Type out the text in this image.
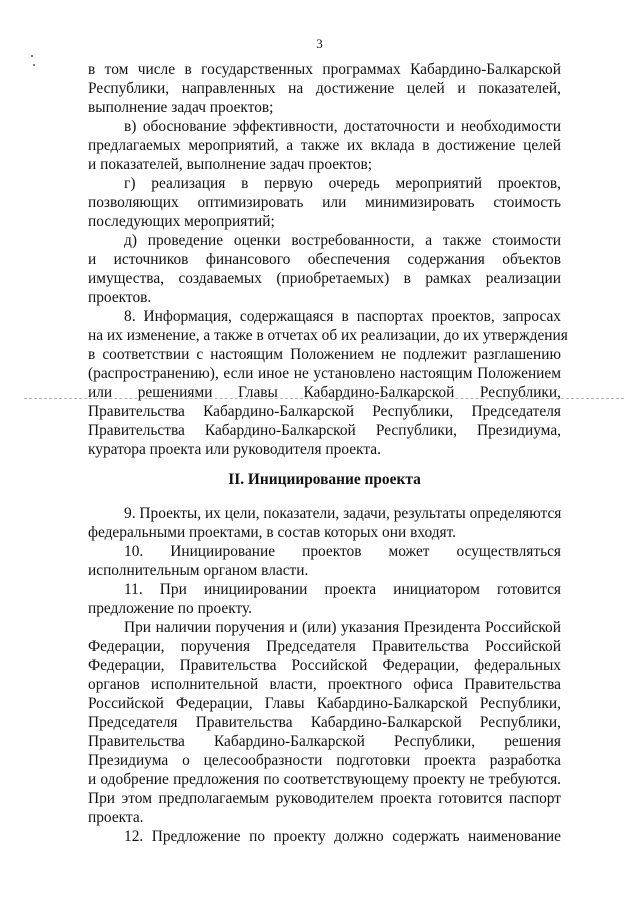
3
в том числе в государственных программах Кабардино-Балкарской
Республики, направленных на достижение целей и показателей,
выполнение задач проектов;
в) обоснование эффективности, достаточности и необходимости
предлагаемых мероприятий, а также их вклада в достижение целей
и показателей, выполнение задач проектов;
г) реализация в первую очередь мероприятий проектов,
позволяющих оптимизировать или минимизировать стоимость
последующих мероприятий;
д) проведение оценки востребованности, а также стоимости
и источников финансового обеспечения содержания объектов
имущества, создаваемых (приобретаемых) в рамках реализации
проектов.
8. Информация, содержащаяся в паспортах проектов, запросах
на их изменение, а также в отчетах об их реализации, до их утверждения
в соответствии с настоящим Положением не подлежит разглашению
(распространению), если иное не установлено настоящим Положением
или решениями Главы Кабардино-Балкарской Республики,
Правительства Кабардино-Балкарской Республики, Председателя
Правительства Кабардино-Балкарской Республики, Президиума,
куратора проекта или руководителя проекта.
II. Инициирование проекта
9. Проекты, их цели, показатели, задачи, результаты определяются
федеральными проектами, в состав которых они входят.
10. Инициирование проектов может осуществляться
исполнительным органом власти.
11. При инициировании проекта инициатором готовится
предложение по проекту.
При наличии поручения и (или) указания Президента Российской
Федерации, поручения Председателя Правительства Российской
Федерации, Правительства Российской Федерации, федеральных
органов исполнительной власти, проектного офиса Правительства
Российской Федерации, Главы Кабардино-Балкарской Республики,
Председателя Правительства Кабардино-Балкарской Республики,
Правительства Кабардино-Балкарской Республики, решения
Президиума о целесообразности подготовки проекта разработка
и одобрение предложения по соответствующему проекту не требуются.
При этом предполагаемым руководителем проекта готовится паспорт
проекта.
12. Предложение по проекту должно содержать наименование
